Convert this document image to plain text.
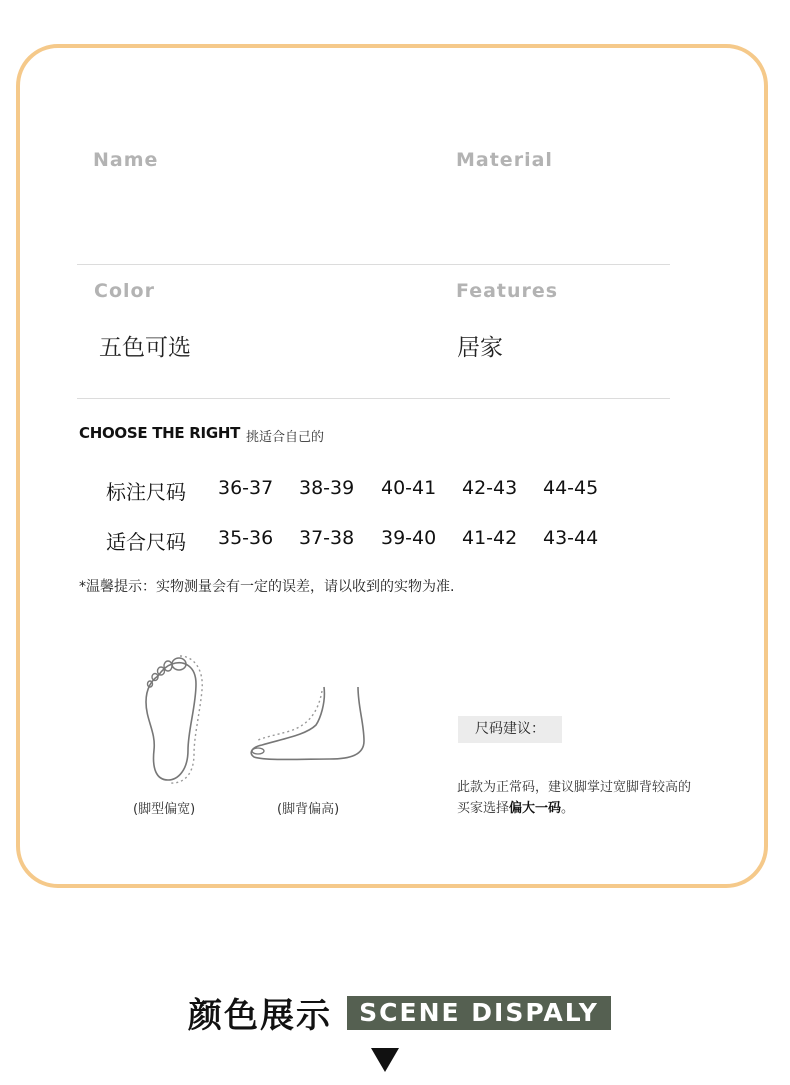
Name	Material
Color	Features
五色可选	居家
CHOOSE THE RIGHT 挑适合自己的
标注尺码 36-37 38-39 40-41 42-43 44-45
适合尺码 35-36 37-38 39-40 41-42 43-44
*温馨提示：实物测量会有一定的误差，请以收到的实物为准.
(脚型偏宽)	(脚背偏高)
尺码建议：
此款为正常码，建议脚掌过宽脚背较高的买家选择偏大一码。
颜色展示	SCENE DISPALY
